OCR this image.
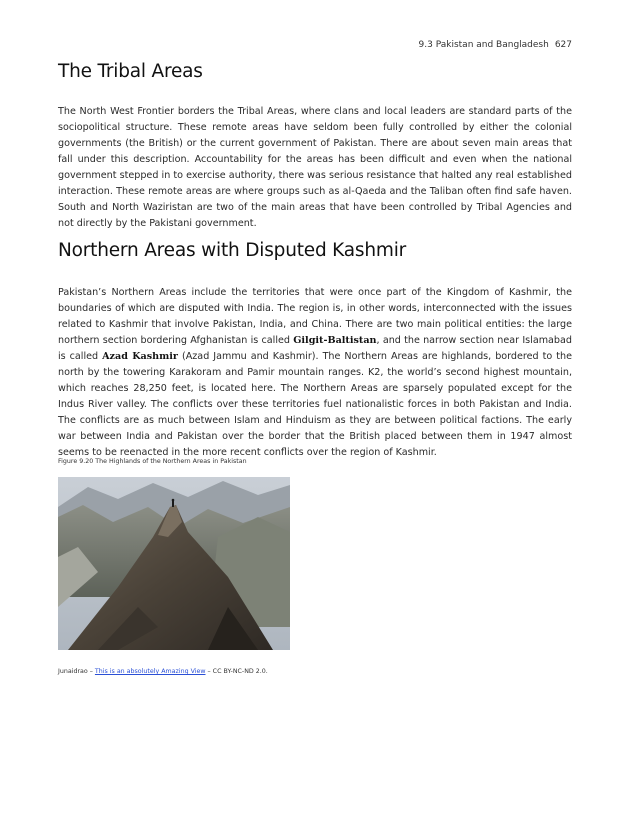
9.3 Pakistan and Bangladesh 627
The Tribal Areas

The North West Frontier borders the Tribal Areas, where clans and local leaders are standard parts of the sociopolitical structure. These remote areas have seldom been fully controlled by either the colonial governments (the British) or the current government of Pakistan. There are about seven main areas that fall under this description. Accountability for the areas has been difficult and even when the national government stepped in to exercise authority, there was serious resistance that halted any real established interaction. These remote areas are where groups such as al-Qaeda and the Taliban often find safe haven. South and North Waziristan are two of the main areas that have been controlled by Tribal Agencies and not directly by the Pakistani government.

Northern Areas with Disputed Kashmir

Pakistan’s Northern Areas include the territories that were once part of the Kingdom of Kashmir, the boundaries of which are disputed with India. The region is, in other words, interconnected with the issues related to Kashmir that involve Pakistan, India, and China. There are two main political entities: the large northern section bordering Afghanistan is called Gilgit-Baltistan, and the narrow section near Islamabad is called Azad Kashmir (Azad Jammu and Kashmir). The Northern Areas are highlands, bordered to the north by the towering Karakoram and Pamir mountain ranges. K2, the world’s second highest mountain, which reaches 28,250 feet, is located here. The Northern Areas are sparsely populated except for the Indus River valley. The conflicts over these territories fuel nationalistic forces in both Pakistan and India. The conflicts are as much between Islam and Hinduism as they are between political factions. The early war between India and Pakistan over the border that the British placed between them in 1947 almost seems to be reenacted in the more recent conflicts over the region of Kashmir.

Figure 9.20 The Highlands of the Northern Areas in Pakistan
Junaidrao – This is an absolutely Amazing View – CC BY-NC-ND 2.0.
